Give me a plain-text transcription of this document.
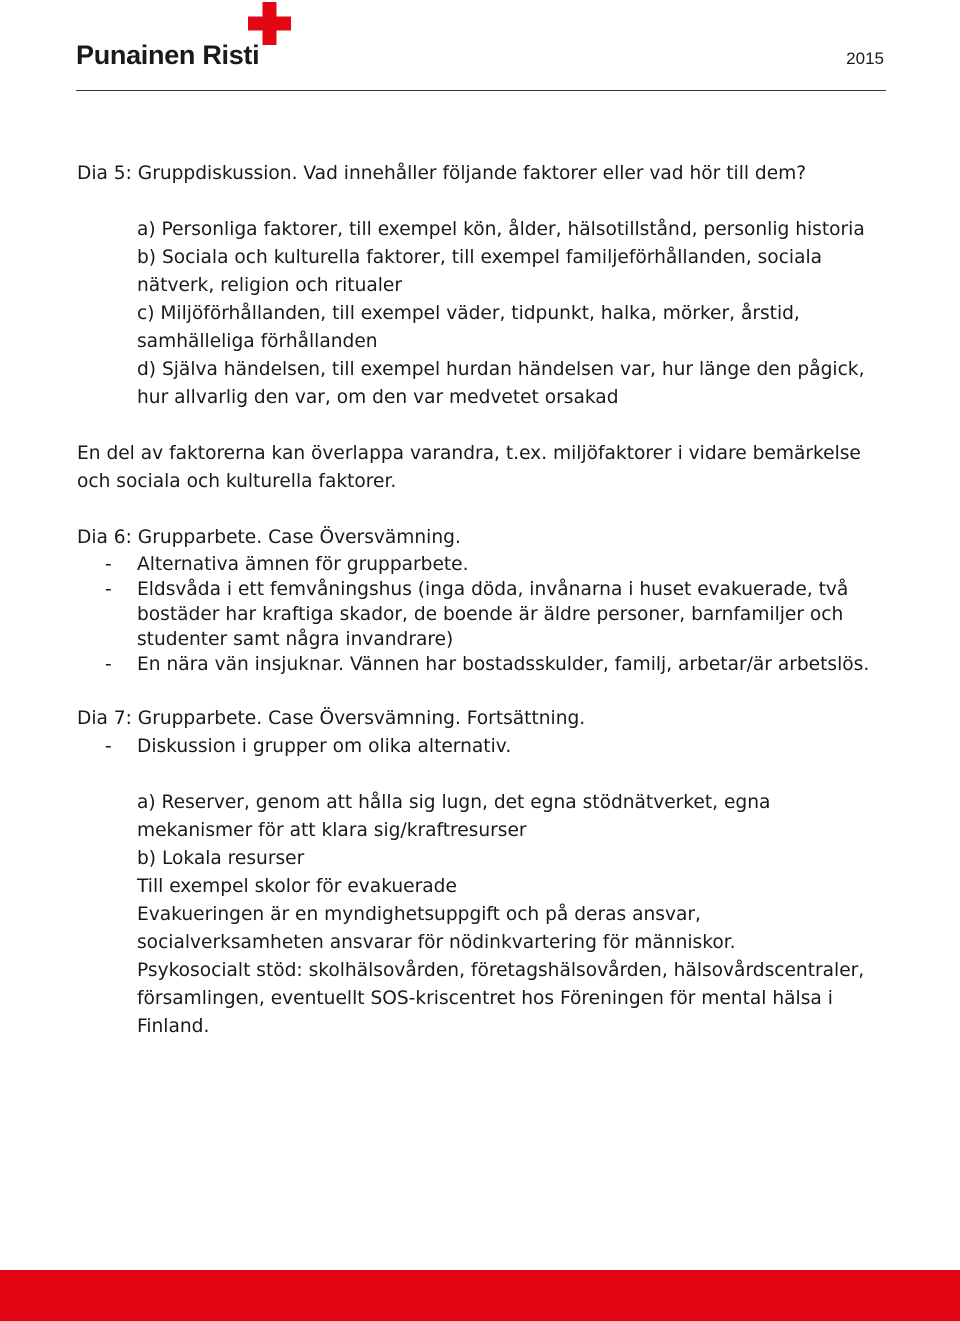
Punainen Risti	2015

Dia 5: Gruppdiskussion. Vad innehåller följande faktorer eller vad hör till dem?

a) Personliga faktorer, till exempel kön, ålder, hälsotillstånd, personlig historia

b) Sociala och kulturella faktorer, till exempel familjeförhållanden, sociala nätverk, religion och ritualer

c) Miljöförhållanden, till exempel väder, tidpunkt, halka, mörker, årstid, samhälleliga förhållanden

d) Själva händelsen, till exempel hurdan händelsen var, hur länge den pågick, hur allvarlig den var, om den var medvetet orsakad

En del av faktorerna kan överlappa varandra, t.ex. miljöfaktorer i vidare bemärkelse och sociala och kulturella faktorer.

Dia 6: Grupparbete. Case Översvämning.

- Alternativa ämnen för grupparbete.
- Eldsvåda i ett femvåningshus (inga döda, invånarna i huset evakuerade, två bostäder har kraftiga skador, de boende är äldre personer, barnfamiljer och studenter samt några invandrare)
- En nära vän insjuknar. Vännen har bostadsskulder, familj, arbetar/är arbetslös.

Dia 7: Grupparbete. Case Översvämning. Fortsättning.

- Diskussion i grupper om olika alternativ.

a) Reserver, genom att hålla sig lugn, det egna stödnätverket, egna mekanismer för att klara sig/kraftresurser

b) Lokala resurser

Till exempel skolor för evakuerade

Evakueringen är en myndighetsuppgift och på deras ansvar, socialverksamheten ansvarar för nödinkvartering för människor.

Psykosocialt stöd: skolhälsovården, företagshälsovården, hälsovårdscentraler, församlingen, eventuellt SOS-kriscentret hos Föreningen för mental hälsa i Finland.
